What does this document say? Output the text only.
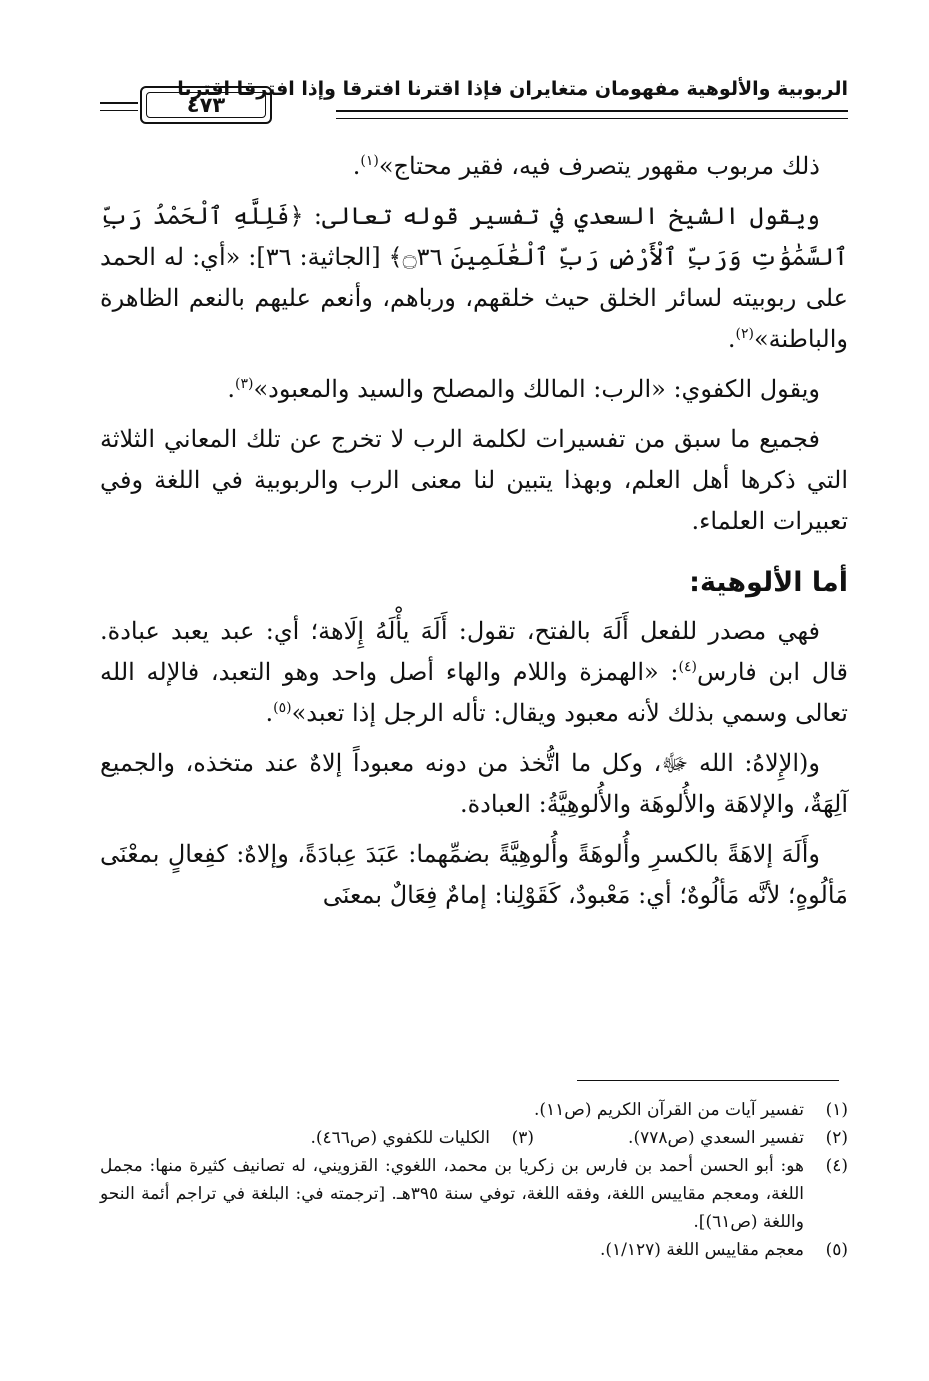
الربوبية والألوهية مفهومان متغايران فإذا اقترنا افترقا وإذا افترقا اقترنا
٤٧٣

ذلك مربوب مقهور يتصرف فيه، فقير محتاج»$^{(١)}$.

ويقول الشيخ السعدي في تفسير قوله تعالى: ﴿فَلِلَّهِ ٱلْحَمْدُ رَبِّ ٱلسَّمَٰوَٰتِ وَرَبِّ ٱلْأَرْضِ رَبِّ ٱلْعَٰلَمِينَ ۝٣٦﴾ [الجاثية: ٣٦]: «أي: له الحمد على ربوبيته لسائر الخلق حيث خلقهم، ورباهم، وأنعم عليهم بالنعم الظاهرة والباطنة»$^{(٢)}$.

ويقول الكفوي: «الرب: المالك والمصلح والسيد والمعبود»$^{(٣)}$.

فجميع ما سبق من تفسيرات لكلمة الرب لا تخرج عن تلك المعاني الثلاثة التي ذكرها أهل العلم، وبهذا يتبين لنا معنى الرب والربوبية في اللغة وفي تعبيرات العلماء.

أما الألوهية:

فهي مصدر للفعل أَلَهَ بالفتح، تقول: أَلَهَ يأْلَهُ إِلَاهة؛ أي: عبد يعبد عبادة. قال ابن فارس$^{(٤)}$: «الهمزة واللام والهاء أصل واحد وهو التعبد، فالإله الله تعالى وسمي بذلك لأنه معبود ويقال: تأله الرجل إذا تعبد»$^{(٥)}$.

و(الإِلاهُ: الله ﷻ، وكل ما اتُّخذ من دونه معبوداً إلاهٌ عند متخذه، والجميع آلِهَةٌ، والإلاهَة والأُلوهَة والأُلوهِيَّةُ: العبادة.

وأَلَهَ إلاهَةً بالكسرِ وأُلوهَةً وأُلوهِيَّةً بضمِّهما: عَبَدَ عِبادَةً، وإلاهٌ: كفِعالٍ بمعْنَى مَألُوهٍ؛ لأنَّه مَألُوهٌ؛ أي: مَعْبودٌ، كَقَوْلِنا: إمامٌ فِعَالٌ بمعنَى

(١)
تفسير آيات من القرآن الكريم (ص١١).
(٢)
تفسير السعدي (ص٧٧٨).
(٣)
الكليات للكفوي (ص٤٦٦).
(٤)
هو: أبو الحسن أحمد بن فارس بن زكريا بن محمد، اللغوي: القزويني، له تصانيف كثيرة منها: مجمل اللغة، ومعجم مقاييس اللغة، وفقه اللغة، توفي سنة ٣٩٥هـ. [ترجمته في: البلغة في تراجم أئمة النحو واللغة (ص٦١)].
(٥)
معجم مقاييس اللغة (١/١٢٧).
